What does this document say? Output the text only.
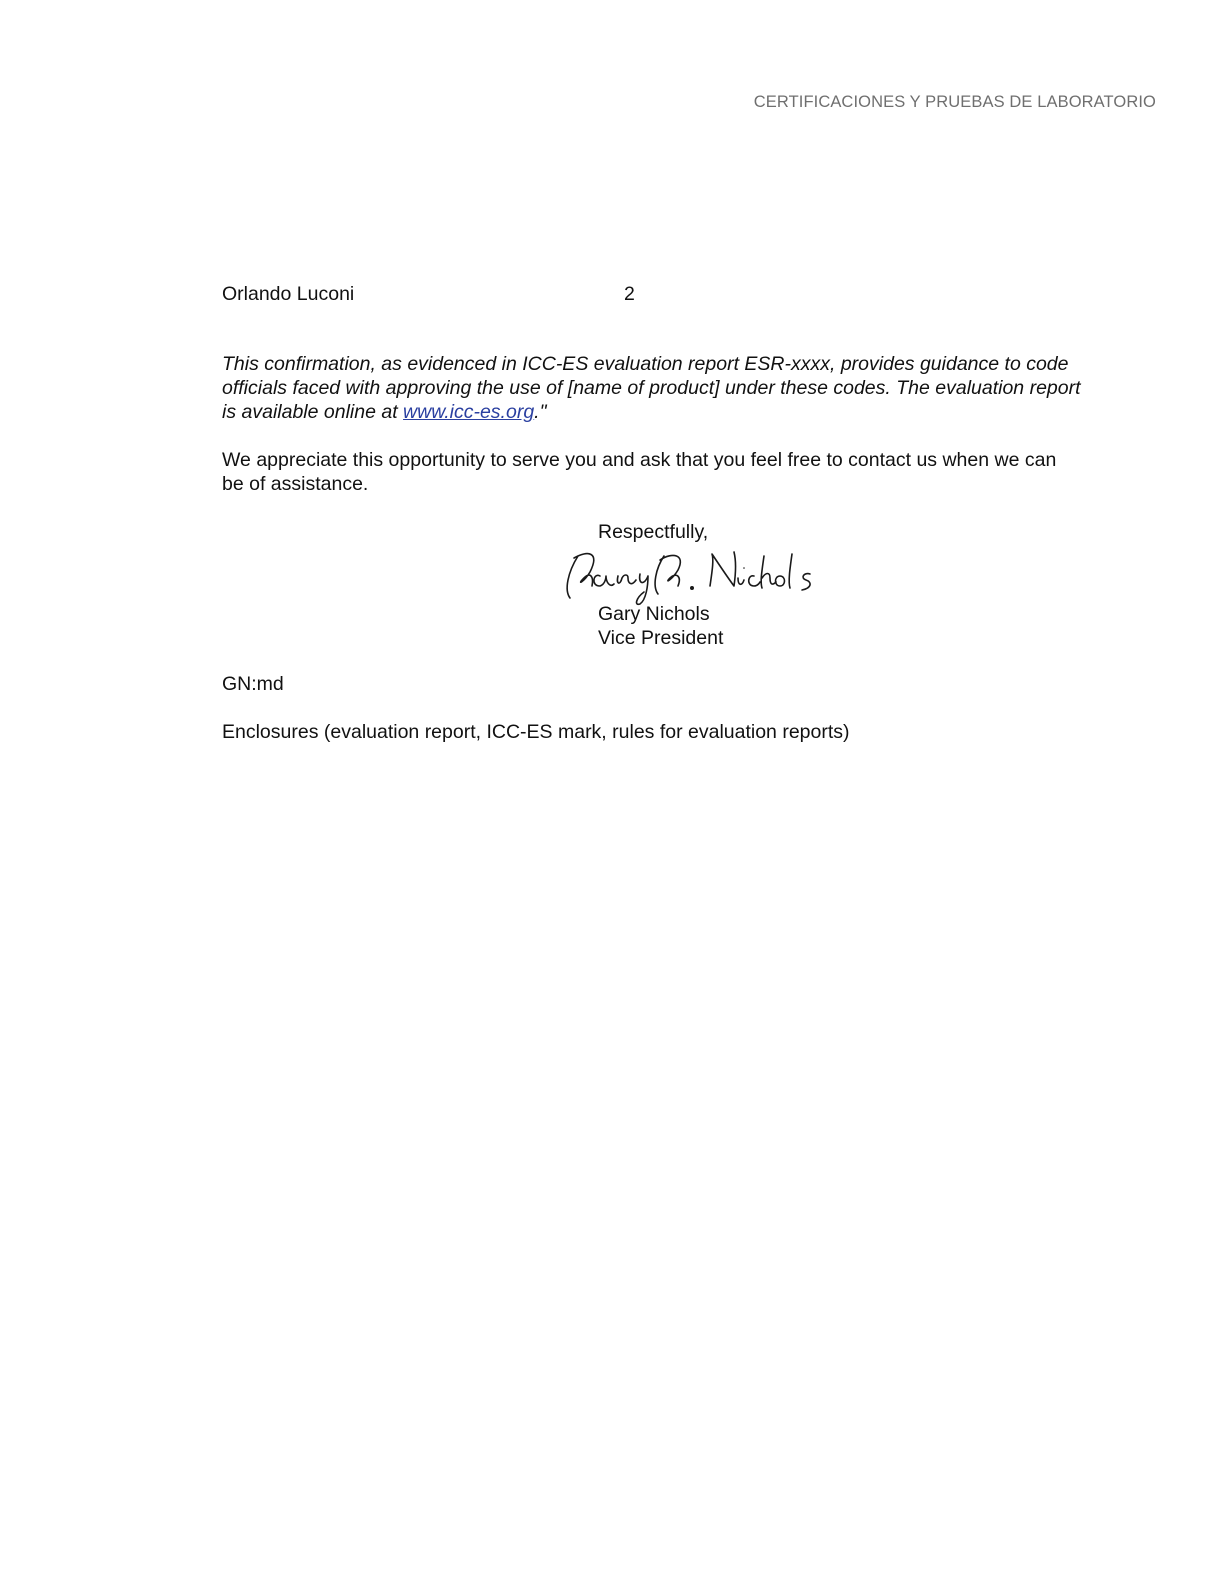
CERTIFICACIONES Y PRUEBAS DE LABORATORIO
Orlando Luconi	2
This confirmation, as evidenced in ICC-ES evaluation report ESR-xxxx, provides guidance to code officials faced with approving the use of [name of product] under these codes. The evaluation report is available online at www.icc-es.org."
We appreciate this opportunity to serve you and ask that you feel free to contact us when we can be of assistance.
Respectfully,
Gary Nichols
Vice President
GN:md
Enclosures (evaluation report, ICC-ES mark, rules for evaluation reports)
